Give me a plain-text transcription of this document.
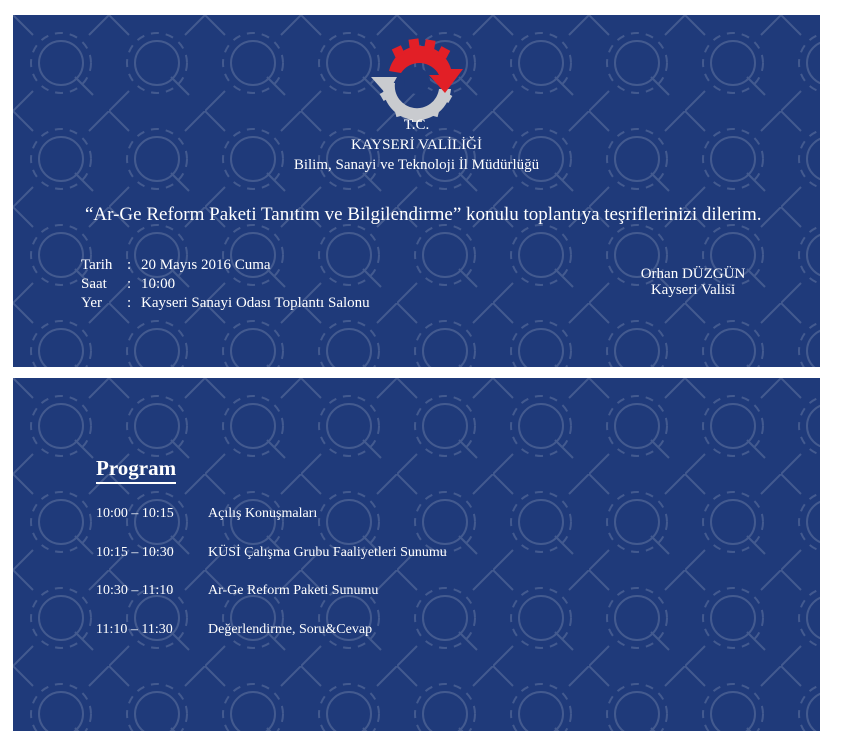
T.C.
KAYSERİ VALİLİĞİ
Bilim, Sanayi ve Teknoloji İl Müdürlüğü
“Ar-Ge Reform Paketi Tanıtım ve Bilgilendirme” konulu toplantıya teşriflerinizi dilerim.
Tarih : 20 Mayıs 2016 Cuma
Saat : 10:00
Yer : Kayseri Sanayi Odası Toplantı Salonu
Orhan DÜZGÜN
Kayseri Valisi
Program
10:00 – 10:15 Açılış Konuşmaları
10:15 – 10:30 KÜSİ Çalışma Grubu Faaliyetleri Sunumu
10:30 – 11:10 Ar-Ge Reform Paketi Sunumu
11:10 – 11:30	Değerlendirme, Soru&Cevap
